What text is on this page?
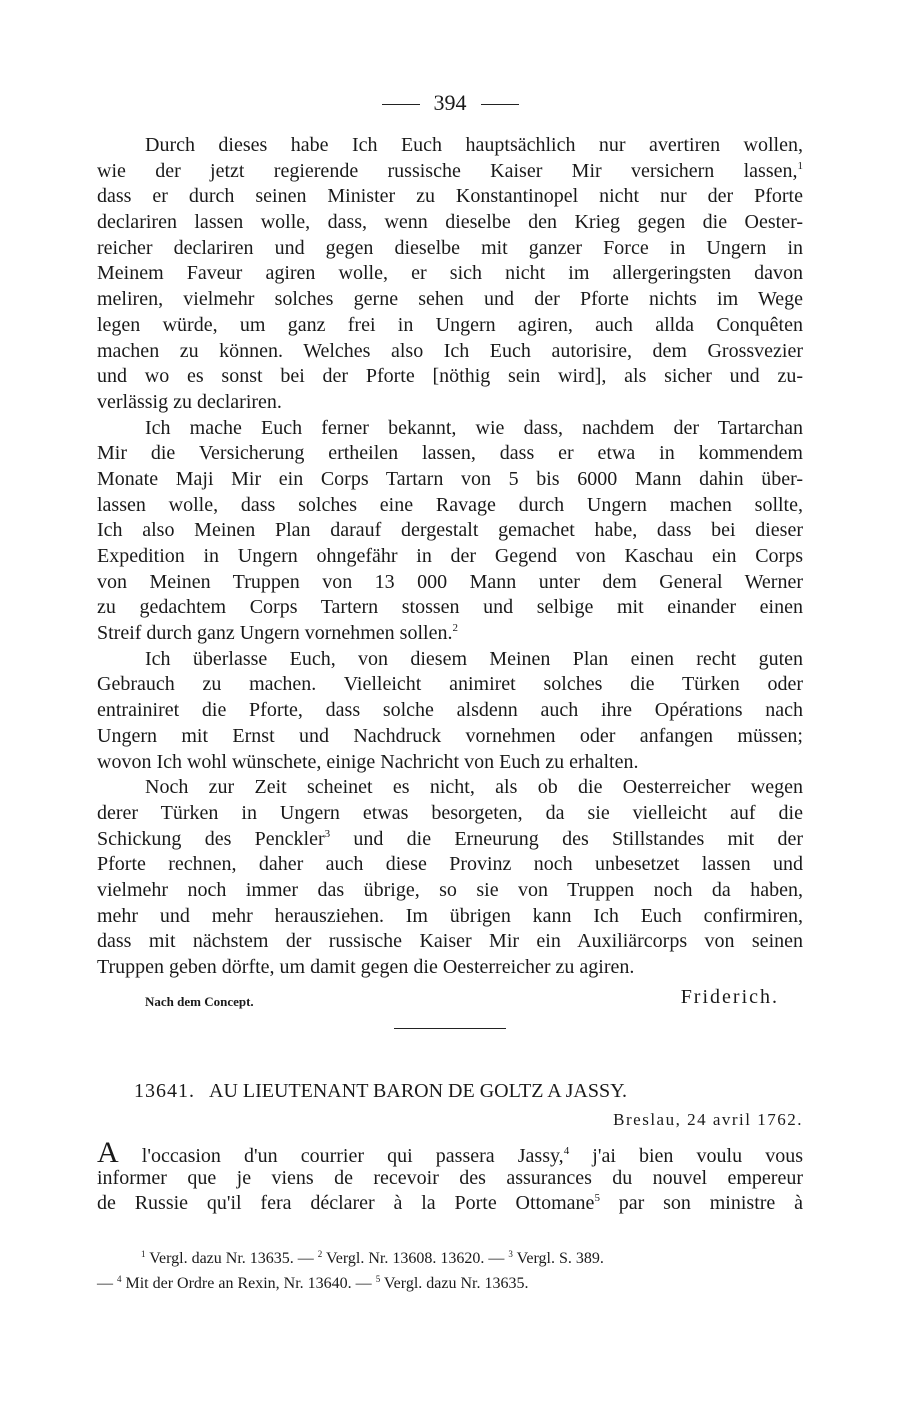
394
Durch dieses habe Ich Euch hauptsächlich nur avertiren wollen,
wie der jetzt regierende russische Kaiser Mir versichern lassen,$^1$
dass er durch seinen Minister zu Konstantinopel nicht nur der Pforte
declariren lassen wolle, dass, wenn dieselbe den Krieg gegen die Oester-
reicher declariren und gegen dieselbe mit ganzer Force in Ungern in
Meinem Faveur agiren wolle, er sich nicht im allergeringsten davon
meliren, vielmehr solches gerne sehen und der Pforte nichts im Wege
legen würde, um ganz frei in Ungern agiren, auch allda Conquêten
machen zu können. Welches also Ich Euch autorisire, dem Grossvezier
und wo es sonst bei der Pforte [nöthig sein wird], als sicher und zu-
verlässig zu declariren.
Ich mache Euch ferner bekannt, wie dass, nachdem der Tartarchan
Mir die Versicherung ertheilen lassen, dass er etwa in kommendem
Monate Maji Mir ein Corps Tartarn von 5 bis 6000 Mann dahin über-
lassen wolle, dass solches eine Ravage durch Ungern machen sollte,
Ich also Meinen Plan darauf dergestalt gemachet habe, dass bei dieser
Expedition in Ungern ohngefähr in der Gegend von Kaschau ein Corps
von Meinen Truppen von 13 000 Mann unter dem General Werner
zu gedachtem Corps Tartern stossen und selbige mit einander einen
Streif durch ganz Ungern vornehmen sollen.$^2$
Ich überlasse Euch, von diesem Meinen Plan einen recht guten
Gebrauch zu machen. Vielleicht animiret solches die Türken oder
entrainiret die Pforte, dass solche alsdenn auch ihre Opérations nach
Ungern mit Ernst und Nachdruck vornehmen oder anfangen müssen;
wovon Ich wohl wünschete, einige Nachricht von Euch zu erhalten.
Noch zur Zeit scheinet es nicht, als ob die Oesterreicher wegen
derer Türken in Ungern etwas besorgeten, da sie vielleicht auf die
Schickung des Penckler$^3$ und die Erneurung des Stillstandes mit der
Pforte rechnen, daher auch diese Provinz noch unbesetzet lassen und
vielmehr noch immer das übrige, so sie von Truppen noch da haben,
mehr und mehr herausziehen. Im übrigen kann Ich Euch confirmiren,
dass mit nächstem der russische Kaiser Mir ein Auxiliärcorps von seinen
Truppen geben dörfte, um damit gegen die Oesterreicher zu agiren.
Nach dem Concept.	Friderich.
13641. AU LIEUTENANT BARON DE GOLTZ A JASSY.
Breslau, 24 avril 1762.
A l'occasion d'un courrier qui passera Jassy,$^4$ j'ai bien voulu vous
informer que je viens de recevoir des assurances du nouvel empereur
de Russie qu'il fera déclarer à la Porte Ottomane$^5$ par son ministre à
$^1$ Vergl. dazu Nr. 13635. — $^2$ Vergl. Nr. 13608. 13620. — $^3$ Vergl. S. 389.
— $^4$ Mit der Ordre an Rexin, Nr. 13640. — $^5$ Vergl. dazu Nr. 13635.
